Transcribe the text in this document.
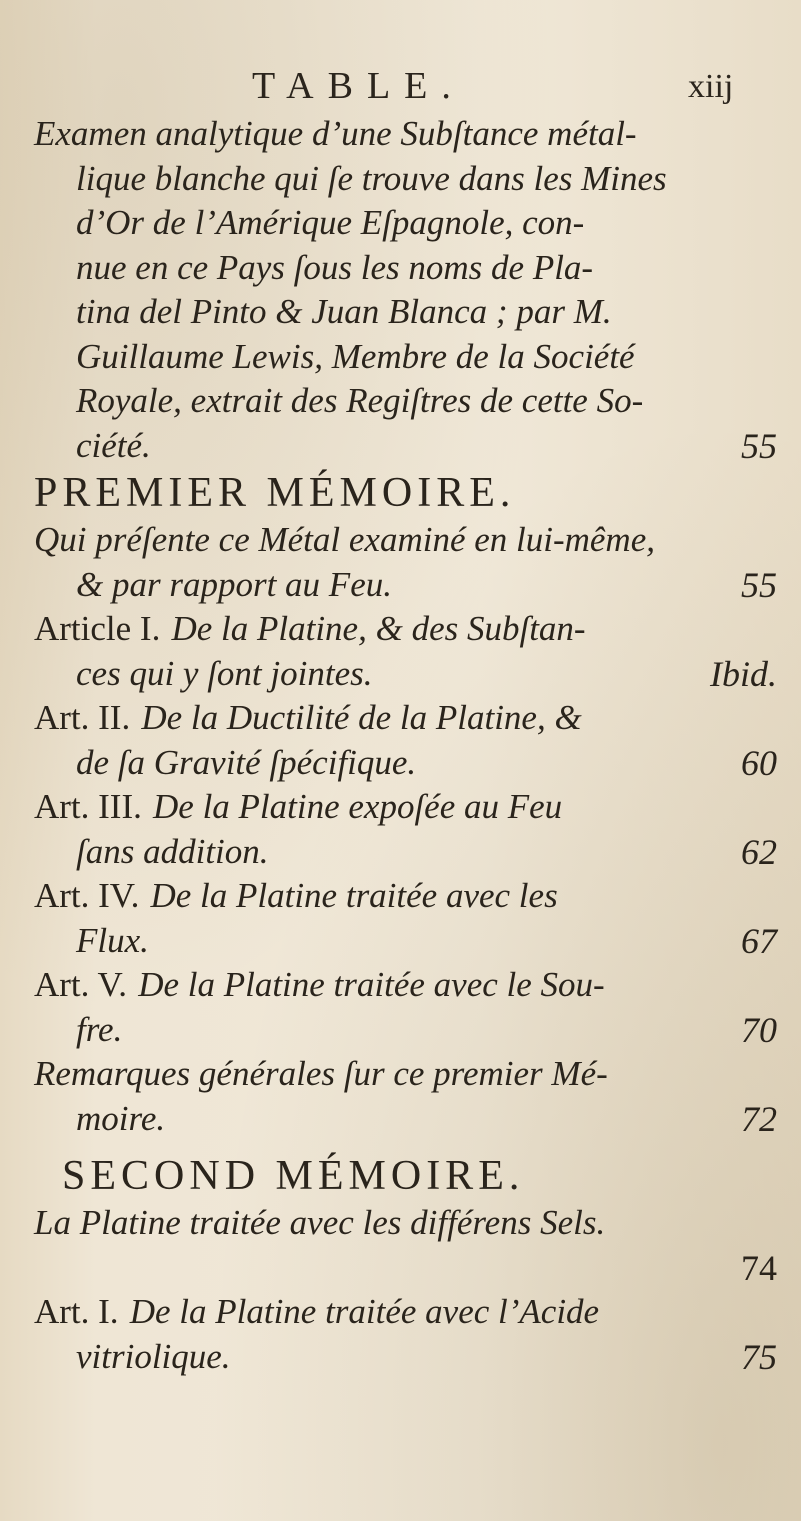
TABLE.	xiij
Examen analytique d’une Subſtance métal-
lique blanche qui ſe trouve dans les Mines
d’Or de l’Amérique Eſpagnole, con-
nue en ce Pays ſous les noms de Pla-
tina del Pinto & Juan Blanca ; par M.
Guillaume Lewis, Membre de la Société
Royale, extrait des Regiſtres de cette So-
ciété.	55
PREMIER MÉMOIRE.
Qui préſente ce Métal examiné en lui-même,
& par rapport au Feu.	55
Article I. De la Platine, & des Subſtan-
ces qui y ſont jointes.	Ibid.
Art. II. De la Ductilité de la Platine, &
de ſa Gravité ſpécifique.	60
Art. III. De la Platine expoſée au Feu
ſans addition.	62
Art. IV. De la Platine traitée avec les
Flux.	67
Art. V. De la Platine traitée avec le Sou-
fre.	70
Remarques générales ſur ce premier Mé-
moire.	72
SECOND MÉMOIRE.
La Platine traitée avec les différens Sels.
74
Art. I. De la Platine traitée avec l’Acide
vitriolique.	75
